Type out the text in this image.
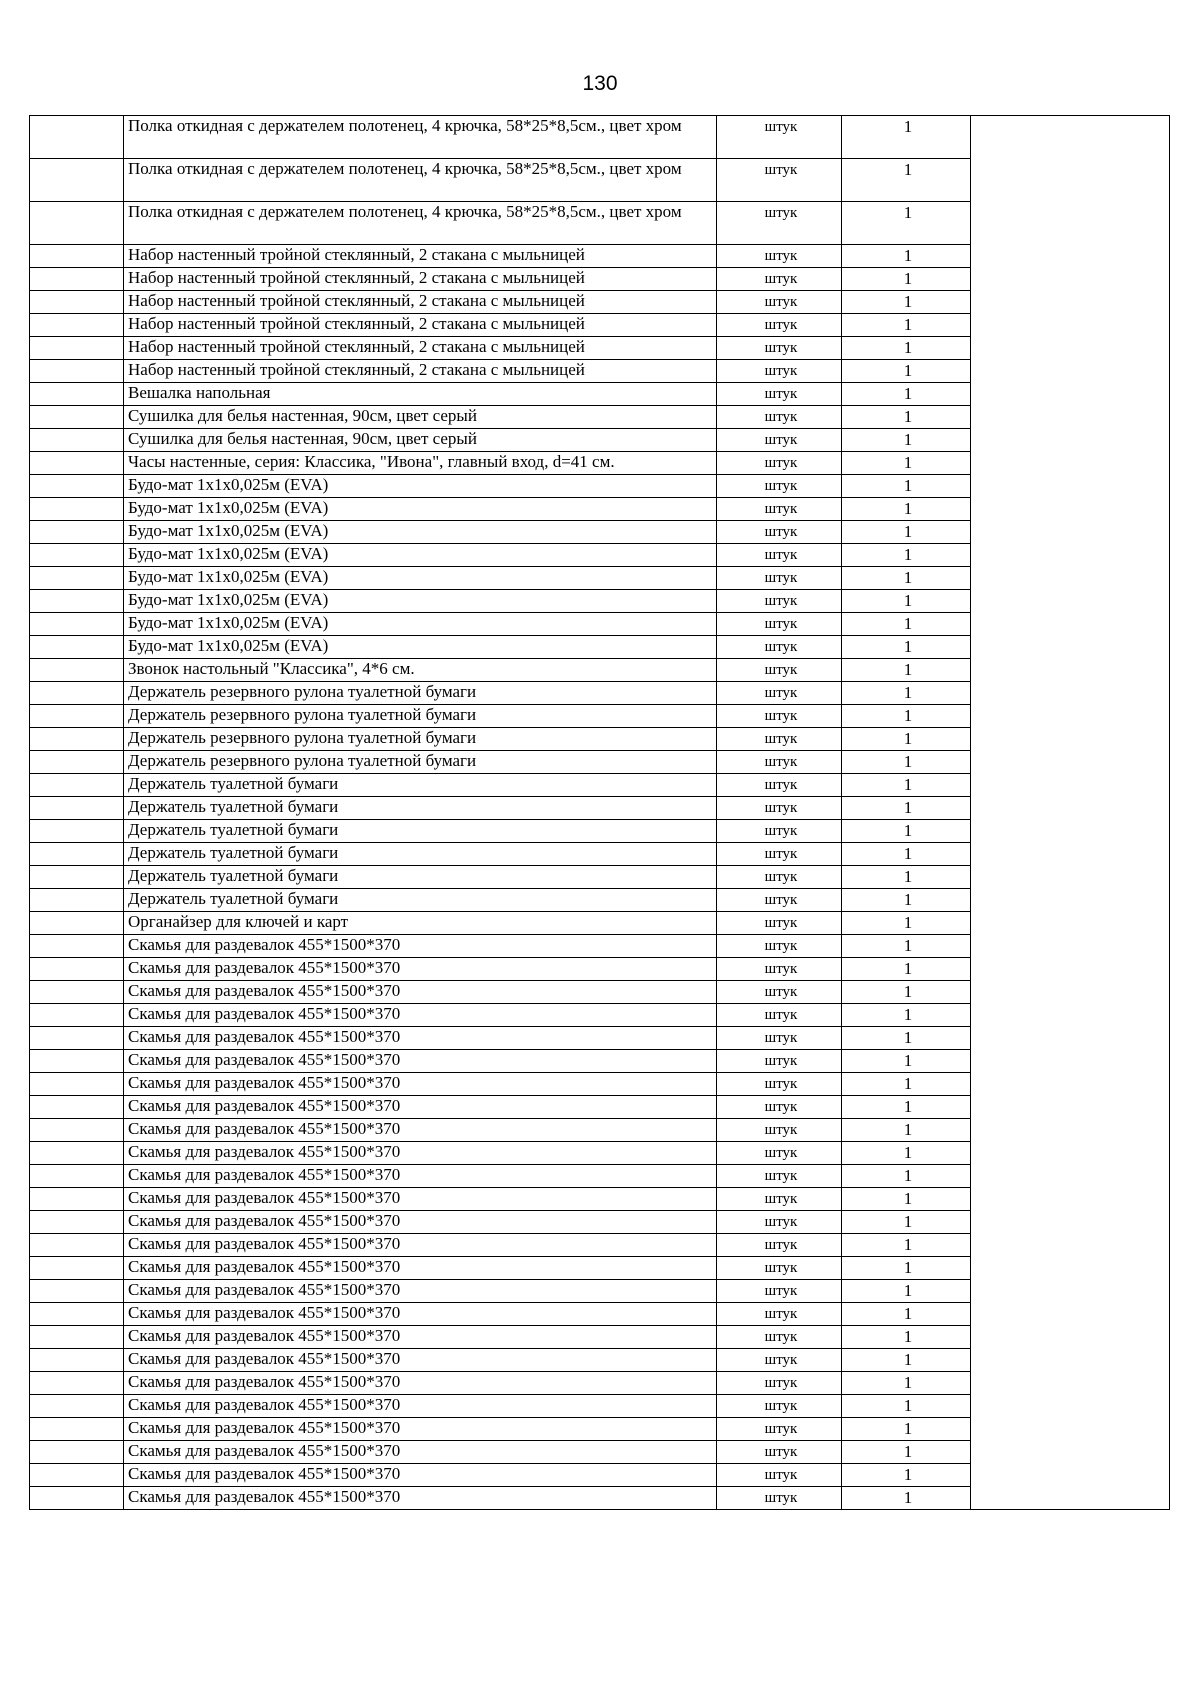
130
	Полка откидная с держателем полотенец, 4 крючка, 58*25*8,5см., цвет хром	штук	1	
	Полка откидная с держателем полотенец, 4 крючка, 58*25*8,5см., цвет хром	штук	1	
	Полка откидная с держателем полотенец, 4 крючка, 58*25*8,5см., цвет хром	штук	1	
	Набор настенный тройной стеклянный, 2 стакана с мыльницей	штук	1	
	Набор настенный тройной стеклянный, 2 стакана с мыльницей	штук	1	
	Набор настенный тройной стеклянный, 2 стакана с мыльницей	штук	1	
	Набор настенный тройной стеклянный, 2 стакана с мыльницей	штук	1	
	Набор настенный тройной стеклянный, 2 стакана с мыльницей	штук	1	
	Набор настенный тройной стеклянный, 2 стакана с мыльницей	штук	1	
	Вешалка напольная	штук	1	
	Сушилка для белья настенная, 90см, цвет серый	штук	1	
	Сушилка для белья настенная, 90см, цвет серый	штук	1	
	Часы настенные, серия: Классика, "Ивона", главный вход, d=41 см.	штук	1	
	Будо-мат 1х1х0,025м (EVA)	штук	1	
	Будо-мат 1х1х0,025м (EVA)	штук	1	
	Будо-мат 1х1х0,025м (EVA)	штук	1	
	Будо-мат 1х1х0,025м (EVA)	штук	1	
	Будо-мат 1х1х0,025м (EVA)	штук	1	
	Будо-мат 1х1х0,025м (EVA)	штук	1	
	Будо-мат 1х1х0,025м (EVA)	штук	1	
	Будо-мат 1х1х0,025м (EVA)	штук	1	
	Звонок настольный "Классика", 4*6 см.	штук	1	
	Держатель резервного рулона туалетной бумаги	штук	1	
	Держатель резервного рулона туалетной бумаги	штук	1	
	Держатель резервного рулона туалетной бумаги	штук	1	
	Держатель резервного рулона туалетной бумаги	штук	1	
	Держатель туалетной бумаги	штук	1	
	Держатель туалетной бумаги	штук	1	
	Держатель туалетной бумаги	штук	1	
	Держатель туалетной бумаги	штук	1	
	Держатель туалетной бумаги	штук	1	
	Держатель туалетной бумаги	штук	1	
	Органайзер для ключей и карт	штук	1	
	Скамья для раздевалок 455*1500*370	штук	1	
	Скамья для раздевалок 455*1500*370	штук	1	
	Скамья для раздевалок 455*1500*370	штук	1	
	Скамья для раздевалок 455*1500*370	штук	1	
	Скамья для раздевалок 455*1500*370	штук	1	
	Скамья для раздевалок 455*1500*370	штук	1	
	Скамья для раздевалок 455*1500*370	штук	1	
	Скамья для раздевалок 455*1500*370	штук	1	
	Скамья для раздевалок 455*1500*370	штук	1	
	Скамья для раздевалок 455*1500*370	штук	1	
	Скамья для раздевалок 455*1500*370	штук	1	
	Скамья для раздевалок 455*1500*370	штук	1	
	Скамья для раздевалок 455*1500*370	штук	1	
	Скамья для раздевалок 455*1500*370	штук	1	
	Скамья для раздевалок 455*1500*370	штук	1	
	Скамья для раздевалок 455*1500*370	штук	1	
	Скамья для раздевалок 455*1500*370	штук	1	
	Скамья для раздевалок 455*1500*370	штук	1	
	Скамья для раздевалок 455*1500*370	штук	1	
	Скамья для раздевалок 455*1500*370	штук	1	
	Скамья для раздевалок 455*1500*370	штук	1	
	Скамья для раздевалок 455*1500*370	штук	1	
	Скамья для раздевалок 455*1500*370	штук	1	
	Скамья для раздевалок 455*1500*370	штук	1	
	Скамья для раздевалок 455*1500*370	штук	1	
